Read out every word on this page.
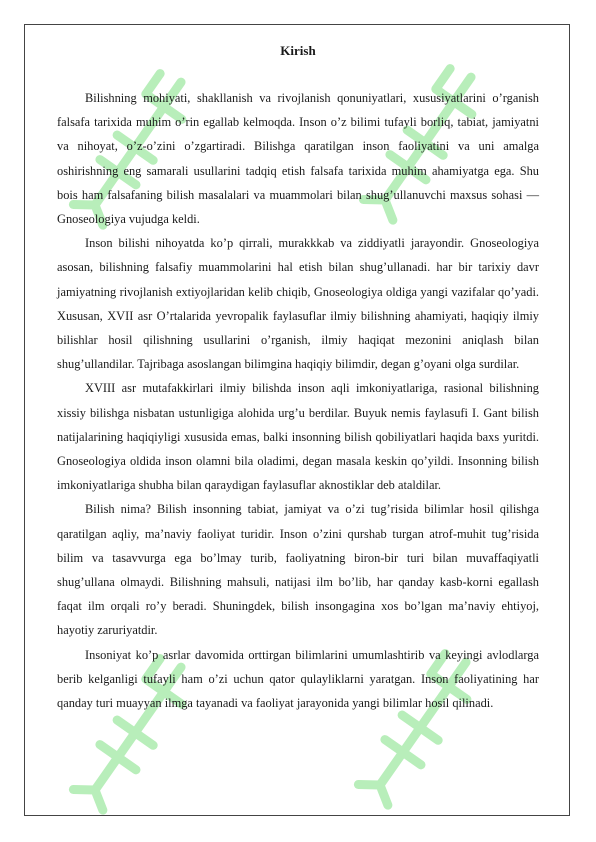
Kirish

Bilishning mohiyati, shakllanish va rivojlanish qonuniyatlari, xususiyatlarini o’rganish falsafa tarixida muhim o’rin egallab kelmoqda. Inson o’z bilimi tufayli borliq, tabiat, jamiyatni va nihoyat, o’z-o’zini o’zgartiradi. Bilishga qaratilgan inson faoliyatini va uni amalga oshirishning eng samarali usullarini tadqiq etish falsafa tarixida muhim ahamiyatga ega. Shu bois ham falsafaning bilish masalalari va muammolari bilan shug’ullanuvchi maxsus sohasi — Gnoseologiya vujudga keldi.

Inson bilishi nihoyatda ko’p qirrali, murakkkab va ziddiyatli jarayondir. Gnoseologiya asosan, bilishning falsafiy muammolarini hal etish bilan shug’ullanadi. har bir tarixiy davr jamiyatning rivojlanish extiyojlaridan kelib chiqib, Gnoseologiya oldiga yangi vazifalar qo’yadi. Xususan, XVII asr O’rtalarida yevropalik faylasuflar ilmiy bilishning ahamiyati, haqiqiy ilmiy bilishlar hosil qilishning usullarini o’rganish, ilmiy haqiqat mezonini aniqlash bilan shug’ullandilar. Tajribaga asoslangan bilimgina haqiqiy bilimdir, degan g’oyani olga surdilar.

XVIII asr mutafakkirlari ilmiy bilishda inson aqli imkoniyatlariga, rasional bilishning xissiy bilishga nisbatan ustunligiga alohida urg’u berdilar. Buyuk nemis faylasufi I. Gant bilish natijalarining haqiqiyligi xususida emas, balki insonning bilish qobiliyatlari haqida baxs yuritdi. Gnoseologiya oldida inson olamni bila oladimi, degan masala keskin qo’yildi. Insonning bilish imkoniyatlariga shubha bilan qaraydigan faylasuflar aknostiklar deb ataldilar.

Bilish nima? Bilish insonning tabiat, jamiyat va o’zi tug’risida bilimlar hosil qilishga qaratilgan aqliy, ma’naviy faoliyat turidir. Inson o’zini qurshab turgan atrof-muhit tug’risida bilim va tasavvurga ega bo’lmay turib, faoliyatning biron-bir turi bilan muvaffaqiyatli shug’ullana olmaydi. Bilishning mahsuli, natijasi ilm bo’lib, har qanday kasb-korni egallash faqat ilm orqali ro’y beradi. Shuningdek, bilish insongagina xos bo’lgan ma’naviy ehtiyoj, hayotiy zaruriyatdir.

Insoniyat ko’p asrlar davomida orttirgan bilimlarini umumlashtirib va keyingi avlodlarga berib kelganligi tufayli ham o’zi uchun qator qulayliklarni yaratgan. Inson faoliyatining har qanday turi muayyan ilmga tayanadi va faoliyat jarayonida yangi bilimlar hosil qilinadi.
